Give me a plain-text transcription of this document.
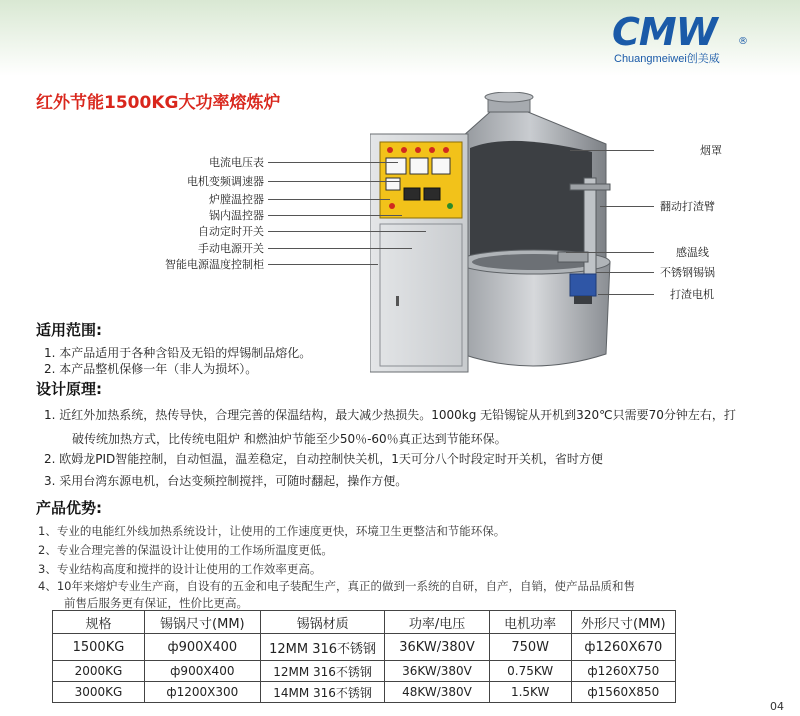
CMW ®
Chuangmeiwei创美威
红外节能1500KG大功率熔炼炉
电流电压表
电机变频调速器
炉膛温控器
锅内温控器
自动定时开关
手动电源开关
智能电源温度控制柜
烟罩
翻动打渣臂
感温线
不锈钢锡锅
打渣电机
适用范围:
1. 本产品适用于各种含铅及无铅的焊锡制品熔化。
2. 本产品整机保修一年（非人为损坏）。
设计原理:
1. 近红外加热系统，热传导快，合理完善的保温结构，最大减少热损失。1000kg 无铅锡锭从开机到320℃只需要70分钟左右，打
破传统加热方式，比传统电阻炉 和燃油炉节能至少50％-60％真正达到节能环保。
2. 欧姆龙PID智能控制，自动恒温，温差稳定，自动控制快关机，1天可分八个时段定时开关机，省时方便
3. 采用台湾东源电机，台达变频控制搅拌，可随时翻起，操作方便。
产品优势:
1、专业的电能红外线加热系统设计，让使用的工作速度更快，环境卫生更整洁和节能环保。
2、专业合理完善的保温设计让使用的工作场所温度更低。
3、专业结构高度和搅拌的设计让使用的工作效率更高。
4、10年来熔炉专业生产商，自设有的五金和电子装配生产，真正的做到一系统的自研，自产，自销，使产品品质和售
前售后服务更有保证，性价比更高。
规格	锡锅尺寸(MM)	锡锅材质	功率/电压	电机功率	外形尺寸(MM)
1500KG	ф900X400	12MM 316不锈钢	36KW/380V	750W	ф1260X670
2000KG	ф900X400	12MM 316不锈钢	36KW/380V	0.75KW	ф1260X750
3000KG	ф1200X300	14MM 316不锈钢	48KW/380V	1.5KW	ф1560X850
04
